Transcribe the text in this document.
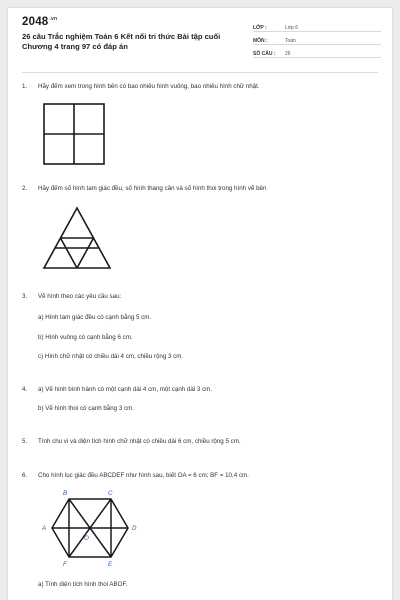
$2048^{.vn}$
26 câu Trắc nghiệm Toán 6 Kết nối tri thức Bài tập cuối Chương 4 trang 97 có đáp án
LỚP :	Lớp 6
MÔN :	Toán
SỐ CÂU :	26
1. Hãy đếm xem trong hình bên có bao nhiêu hình vuông, bao nhiêu hình chữ nhật.
2. Hãy đếm số hình tam giác đều, số hình thang cân và số hình thoi trong hình vẽ bên
3. Vẽ hình theo các yêu cầu sau:
a) Hình tam giác đều có cạnh bằng 5 cm.
b) Hình vuông có cạnh bằng 6 cm.
c) Hình chữ nhật có chiều dài 4 cm, chiều rộng 3 cm.
4. a) Vẽ hình bình hành có một cạnh dài 4 cm, một cạnh dài 3 cm.
b) Vẽ hình thoi có cạnh bằng 3 cm.
5. Tính chu vi và diện tích hình chữ nhật có chiều dài 6 cm, chiều rộng 5 cm.
6. Cho hình lục giác đều ABCDEF như hình sau, biết OA = 6 cm; BF = 10,4 cm.
B	C
A	D
O
F	E
a) Tính diện tích hình thoi ABOF.
